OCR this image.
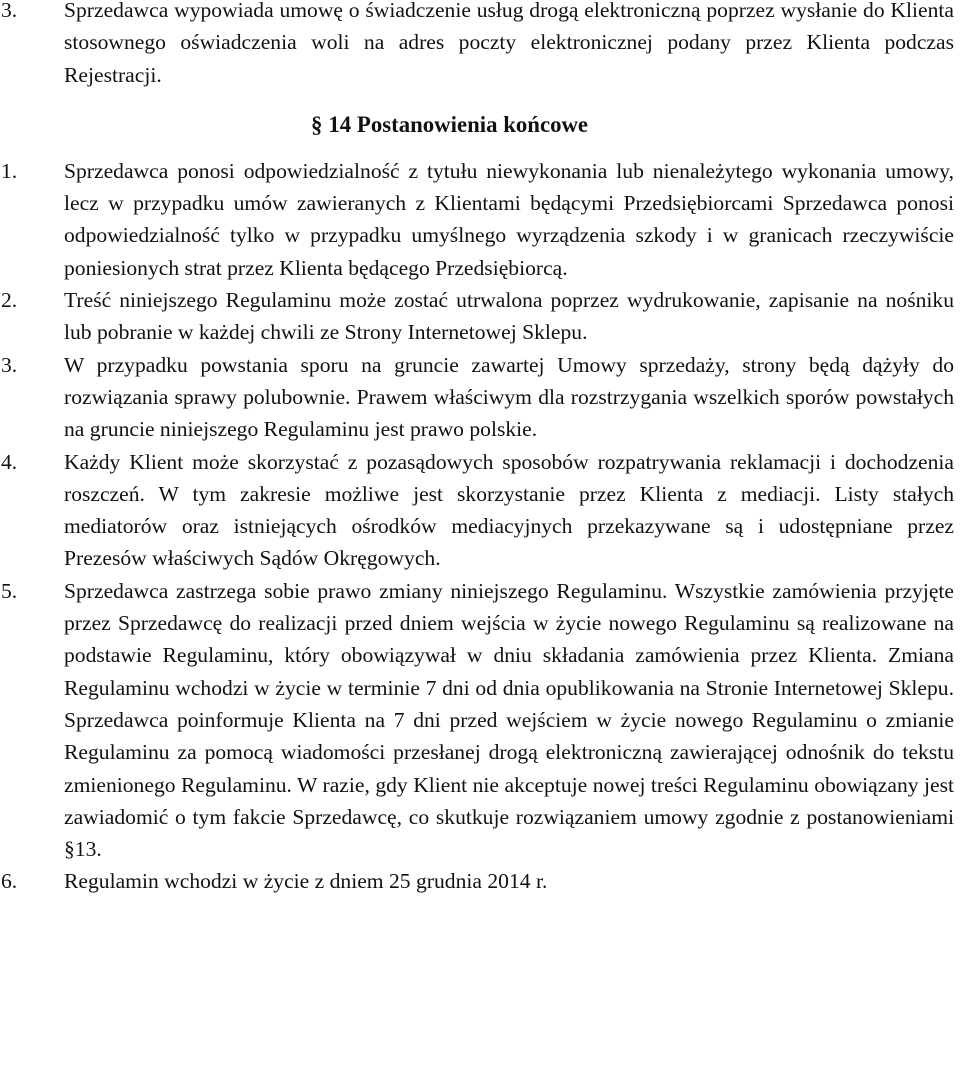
3. Sprzedawca wypowiada umowę o świadczenie usług drogą elektroniczną poprzez wysłanie do Klienta stosownego oświadczenia woli na adres poczty elektronicznej podany przez Klienta podczas Rejestracji.
§ 14 Postanowienia końcowe
1. Sprzedawca ponosi odpowiedzialność z tytułu niewykonania lub nienależytego wykonania umowy, lecz w przypadku umów zawieranych z Klientami będącymi Przedsiębiorcami Sprzedawca ponosi odpowiedzialność tylko w przypadku umyślnego wyrządzenia szkody i w granicach rzeczywiście poniesionych strat przez Klienta będącego Przedsiębiorcą.
2. Treść niniejszego Regulaminu może zostać utrwalona poprzez wydrukowanie, zapisanie na nośniku lub pobranie w każdej chwili ze Strony Internetowej Sklepu.
3. W przypadku powstania sporu na gruncie zawartej Umowy sprzedaży, strony będą dążyły do rozwiązania sprawy polubownie. Prawem właściwym dla rozstrzygania wszelkich sporów powstałych na gruncie niniejszego Regulaminu jest prawo polskie.
4. Każdy Klient może skorzystać z pozasądowych sposobów rozpatrywania reklamacji i dochodzenia roszczeń. W tym zakresie możliwe jest skorzystanie przez Klienta z mediacji. Listy stałych mediatorów oraz istniejących ośrodków mediacyjnych przekazywane są i udostępniane przez Prezesów właściwych Sądów Okręgowych.
5. Sprzedawca zastrzega sobie prawo zmiany niniejszego Regulaminu. Wszystkie zamówienia przyjęte przez Sprzedawcę do realizacji przed dniem wejścia w życie nowego Regulaminu są realizowane na podstawie Regulaminu, który obowiązywał w dniu składania zamówienia przez Klienta. Zmiana Regulaminu wchodzi w życie w terminie 7 dni od dnia opublikowania na Stronie Internetowej Sklepu. Sprzedawca poinformuje Klienta na 7 dni przed wejściem w życie nowego Regulaminu o zmianie Regulaminu za pomocą wiadomości przesłanej drogą elektroniczną zawierającej odnośnik do tekstu zmienionego Regulaminu. W razie, gdy Klient nie akceptuje nowej treści Regulaminu obowiązany jest zawiadomić o tym fakcie Sprzedawcę, co skutkuje rozwiązaniem umowy zgodnie z postanowieniami §13.
6. Regulamin wchodzi w życie z dniem 25 grudnia 2014 r.
